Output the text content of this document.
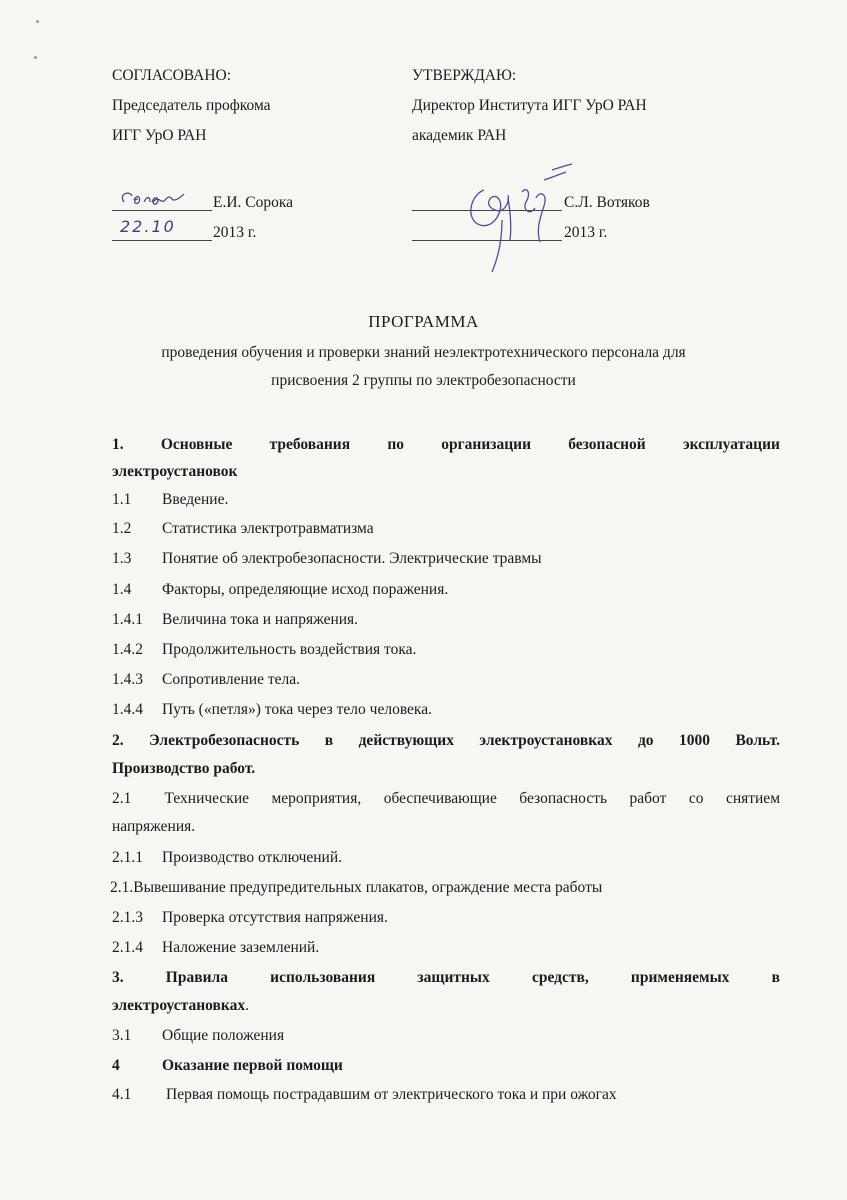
СОГЛАСОВАНО:
Председатель профкома
ИГГ УрО РАН
Е.И. Сорока
22.10 2013 г.
УТВЕРЖДАЮ:
Директор Института ИГГ УрО РАН
академик РАН
С.Л. Вотяков
2013 г.
ПРОГРАММА
проведения обучения и проверки знаний неэлектротехнического персонала для
присвоения 2 группы по электробезопасности
1. Основные требования по организации безопасной эксплуатации
электроустановок
1.1 Введение.
1.2 Статистика электротравматизма
1.3 Понятие об электробезопасности. Электрические травмы
1.4 Факторы, определяющие исход поражения.
1.4.1 Величина тока и напряжения.
1.4.2 Продолжительность воздействия тока.
1.4.3 Сопротивление тела.
1.4.4 Путь («петля») тока через тело человека.
2. Электробезопасность в действующих электроустановках до 1000 Вольт.
Производство работ.
2.1	Технические мероприятия, обеспечивающие безопасность работ со снятием
напряжения.
2.1.1 Производство отключений.
2.1.Вывешивание предупредительных плакатов, ограждение места работы
2.1.3 Проверка отсутствия напряжения.
2.1.4 Наложение заземлений.
3.	Правила	использования	защитных	средств,	применяемых	в
электроустановках.
3.1 Общие положения
4	Оказание первой помощи
4.1 Первая помощь пострадавшим от электрического тока и при ожогах
